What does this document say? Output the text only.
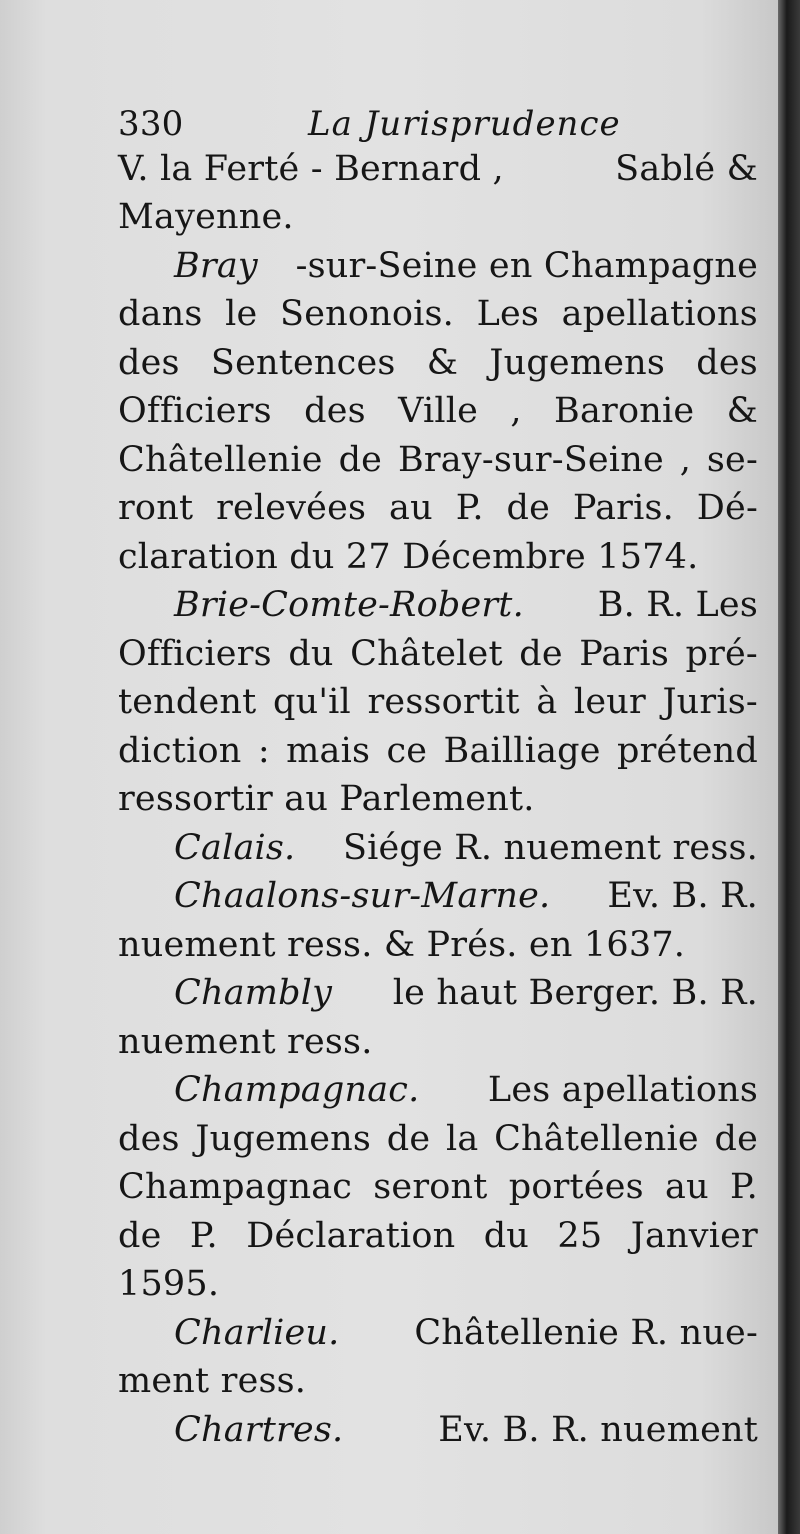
330	La Jurisprudence
V. la Ferté - Bernard ,	Sablé &
Mayenne.
Bray -sur-Seine en Champagne
dans le Senonois. Les apellations
des Sentences & Jugemens des
Officiers des Ville , Baronie &
Châtellenie de Bray-sur-Seine , se-
ront relevées au P. de Paris. Dé-
claration du 27 Décembre 1574.
Brie-Comte-Robert. B. R. Les
Officiers du Châtelet de Paris pré-
tendent qu'il ressortit à leur Juris-
diction : mais ce Bailliage prétend
ressortir au Parlement.
Calais. Siége R. nuement ress.
Chaalons-sur-Marne. Ev. B. R.
nuement ress. & Prés. en 1637.
Chambly le haut Berger. B. R.
nuement ress.
Champagnac. Les apellations
des Jugemens de la Châtellenie de
Champagnac seront portées au P.
de P. Déclaration du 25 Janvier
1595.
Charlieu. Châtellenie R. nue-
ment ress.
Chartres.	Ev. B. R. nuement
